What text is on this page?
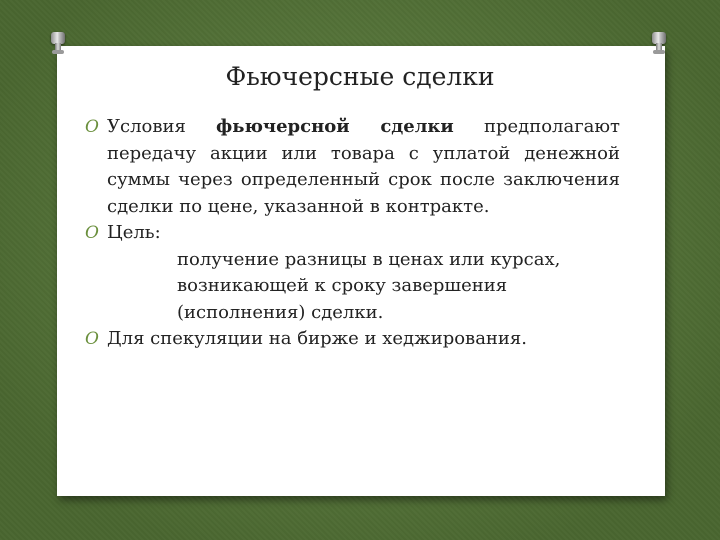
Фьючерсные сделки
O Условия фьючерсной сделки предполагают передачу акции или товара с уплатой денежной суммы через определенный срок после заключения сделки по цене, указанной в контракте.
O Цель:
получение разницы в ценах или курсах,
возникающей к сроку завершения
(исполнения) сделки.
O Для спекуляции на бирже и хеджирования.
